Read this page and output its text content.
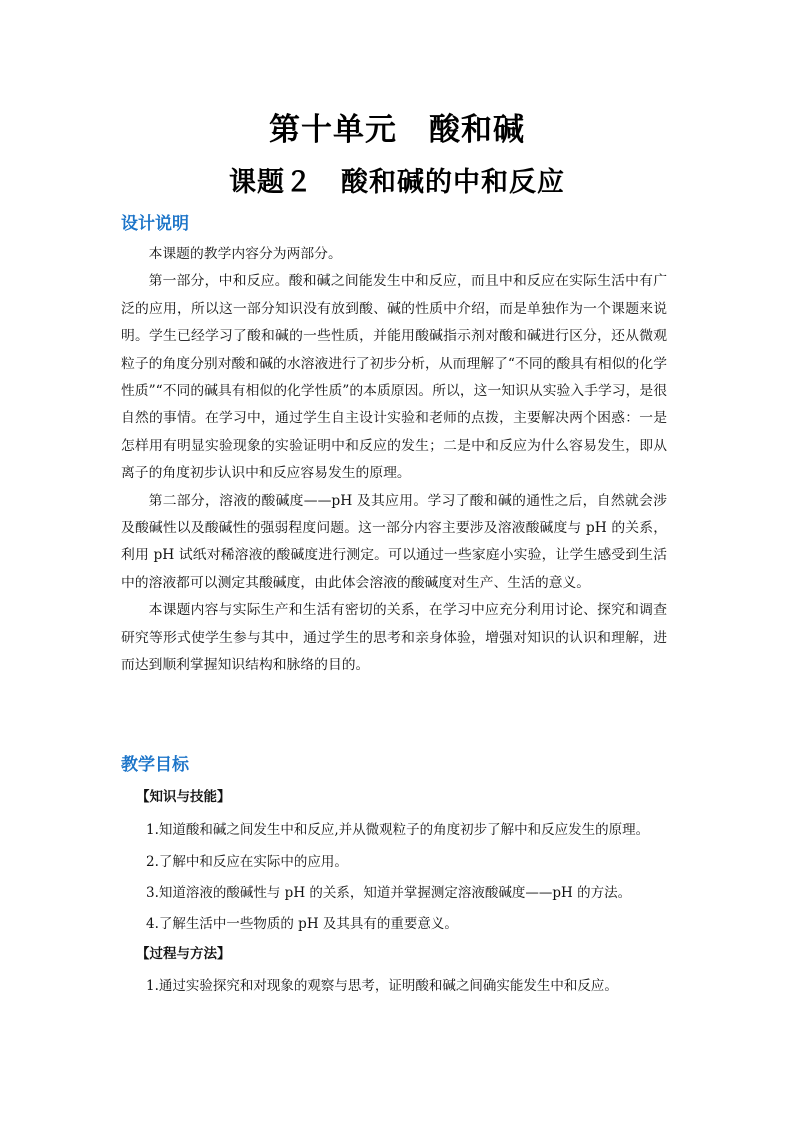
第十单元　酸和碱
课题２　酸和碱的中和反应
设计说明

本课题的教学内容分为两部分。

第一部分，中和反应。酸和碱之间能发生中和反应，而且中和反应在实际生活中有广泛的应用，所以这一部分知识没有放到酸、碱的性质中介绍，而是单独作为一个课题来说明。学生已经学习了酸和碱的一些性质，并能用酸碱指示剂对酸和碱进行区分，还从微观粒子的角度分别对酸和碱的水溶液进行了初步分析，从而理解了“不同的酸具有相似的化学性质”“不同的碱具有相似的化学性质”的本质原因。所以，这一知识从实验入手学习，是很自然的事情。在学习中，通过学生自主设计实验和老师的点拨，主要解决两个困惑：一是怎样用有明显实验现象的实验证明中和反应的发生；二是中和反应为什么容易发生，即从离子的角度初步认识中和反应容易发生的原理。

第二部分，溶液的酸碱度——pH 及其应用。学习了酸和碱的通性之后，自然就会涉及酸碱性以及酸碱性的强弱程度问题。这一部分内容主要涉及溶液酸碱度与 pH 的关系，利用 pH 试纸对稀溶液的酸碱度进行测定。可以通过一些家庭小实验，让学生感受到生活中的溶液都可以测定其酸碱度，由此体会溶液的酸碱度对生产、生活的意义。

本课题内容与实际生产和生活有密切的关系，在学习中应充分利用讨论、探究和调查研究等形式使学生参与其中，通过学生的思考和亲身体验，增强对知识的认识和理解，进而达到顺利掌握知识结构和脉络的目的。

教学目标
【知识与技能】
1.知道酸和碱之间发生中和反应,并从微观粒子的角度初步了解中和反应发生的原理。
2.了解中和反应在实际中的应用。
3.知道溶液的酸碱性与 pH 的关系，知道并掌握测定溶液酸碱度——pH 的方法。
4.了解生活中一些物质的 pH 及其具有的重要意义。
【过程与方法】
1.通过实验探究和对现象的观察与思考，证明酸和碱之间确实能发生中和反应。
